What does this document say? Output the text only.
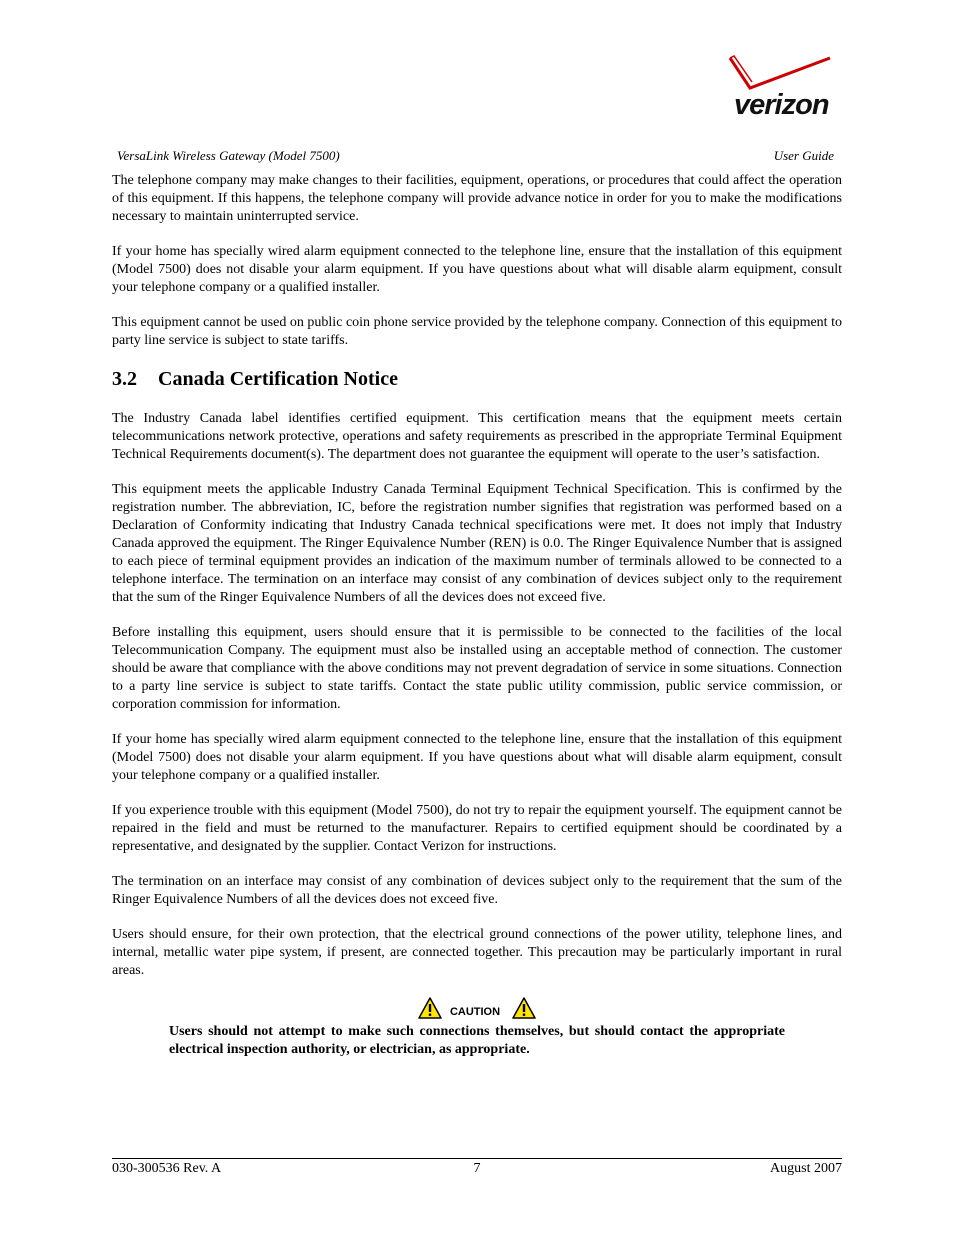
verizon
VersaLink Wireless Gateway (Model 7500)	User Guide

The telephone company may make changes to their facilities, equipment, operations, or procedures that could affect the operation of this equipment. If this happens, the telephone company will provide advance notice in order for you to make the modifications necessary to maintain uninterrupted service.

If your home has specially wired alarm equipment connected to the telephone line, ensure that the installation of this equipment (Model 7500) does not disable your alarm equipment. If you have questions about what will disable alarm equipment, consult your telephone company or a qualified installer.

This equipment cannot be used on public coin phone service provided by the telephone company. Connection of this equipment to party line service is subject to state tariffs.

3.2 Canada Certification Notice

The Industry Canada label identifies certified equipment. This certification means that the equipment meets certain telecommunications network protective, operations and safety requirements as prescribed in the appropriate Terminal Equipment Technical Requirements document(s). The department does not guarantee the equipment will operate to the user’s satisfaction.

This equipment meets the applicable Industry Canada Terminal Equipment Technical Specification. This is confirmed by the registration number. The abbreviation, IC, before the registration number signifies that registration was performed based on a Declaration of Conformity indicating that Industry Canada technical specifications were met. It does not imply that Industry Canada approved the equipment. The Ringer Equivalence Number (REN) is 0.0. The Ringer Equivalence Number that is assigned to each piece of terminal equipment provides an indication of the maximum number of terminals allowed to be connected to a telephone interface. The termination on an interface may consist of any combination of devices subject only to the requirement that the sum of the Ringer Equivalence Numbers of all the devices does not exceed five.

Before installing this equipment, users should ensure that it is permissible to be connected to the facilities of the local Telecommunication Company. The equipment must also be installed using an acceptable method of connection. The customer should be aware that compliance with the above conditions may not prevent degradation of service in some situations. Connection to a party line service is subject to state tariffs. Contact the state public utility commission, public service commission, or corporation commission for information.

If your home has specially wired alarm equipment connected to the telephone line, ensure that the installation of this equipment (Model 7500) does not disable your alarm equipment. If you have questions about what will disable alarm equipment, consult your telephone company or a qualified installer.

If you experience trouble with this equipment (Model 7500), do not try to repair the equipment yourself. The equipment cannot be repaired in the field and must be returned to the manufacturer. Repairs to certified equipment should be coordinated by a representative, and designated by the supplier. Contact Verizon for instructions.

The termination on an interface may consist of any combination of devices subject only to the requirement that the sum of the Ringer Equivalence Numbers of all the devices does not exceed five.

Users should ensure, for their own protection, that the electrical ground connections of the power utility, telephone lines, and internal, metallic water pipe system, if present, are connected together. This precaution may be particularly important in rural areas.

CAUTION

Users should not attempt to make such connections themselves, but should contact the appropriate electrical inspection authority, or electrician, as appropriate.

030-300536 Rev. A	7	August 2007
